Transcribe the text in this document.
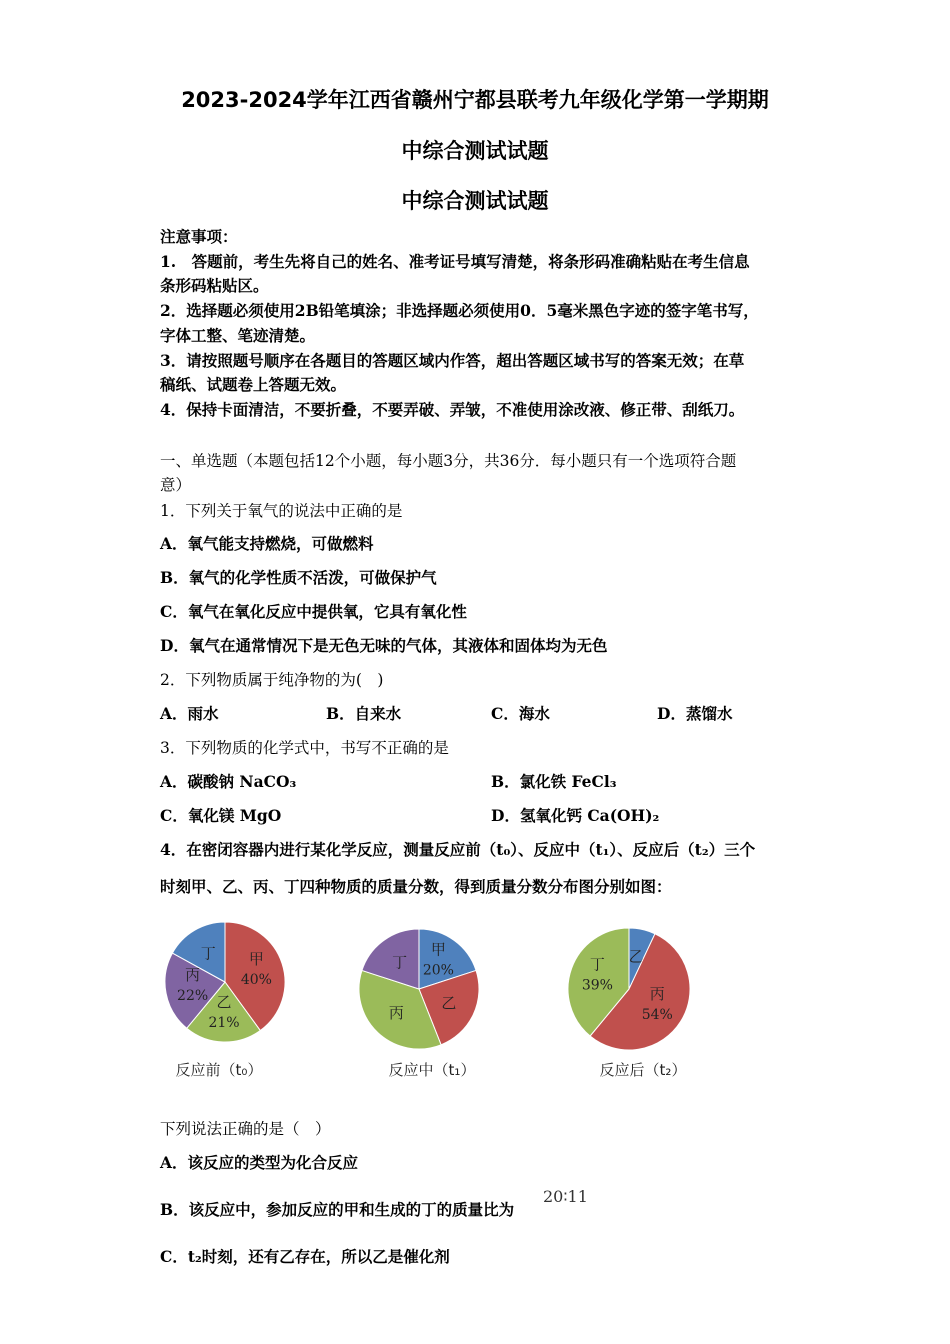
2023-2024学年江西省赣州宁都县联考九年级化学第一学期期
中综合测试试题
中综合测试试题
注意事项：
1.　答题前，考生先将自己的姓名、准考证号填写清楚，将条形码准确粘贴在考生信息
条形码粘贴区。
2．选择题必须使用2B铅笔填涂；非选择题必须使用0．5毫米黑色字迹的签字笔书写，
字体工整、笔迹清楚。
3．请按照题号顺序在各题目的答题区域内作答，超出答题区域书写的答案无效；在草
稿纸、试题卷上答题无效。
4．保持卡面清洁，不要折叠，不要弄破、弄皱，不准使用涂改液、修正带、刮纸刀。
一、单选题（本题包括12个小题，每小题3分，共36分．每小题只有一个选项符合题
意）
1．下列关于氧气的说法中正确的是
A．氧气能支持燃烧，可做燃料
B．氧气的化学性质不活泼，可做保护气
C．氧气在氧化反应中提供氧，它具有氧化性
D．氧气在通常情况下是无色无味的气体，其液体和固体均为无色
2．下列物质属于纯净物的为(　)
A．雨水	B．自来水	C．海水	D．蒸馏水
3．下列物质的化学式中，书写不正确的是
A．碳酸钠 NaCO₃	B．氯化铁 FeCl₃
C．氧化镁 MgO	D．氢氧化钙 Ca(OH)₂
4．在密闭容器内进行某化学反应，测量反应前（t₀）、反应中（t₁）、反应后（t₂）三个
时刻甲、乙、丙、丁四种物质的质量分数，得到质量分数分布图分别如图：
甲
40%
乙
21%
丙
22%
丁
反应前（t₀）
甲
20%
乙
丙
丁
反应中（t₁）
乙
丙
54%
丁
39%
反应后（t₂）
下列说法正确的是（　）
A．该反应的类型为化合反应
B．该反应中，参加反应的甲和生成的丁的质量比为
20∶11
C．t₂时刻，还有乙存在，所以乙是催化剂
